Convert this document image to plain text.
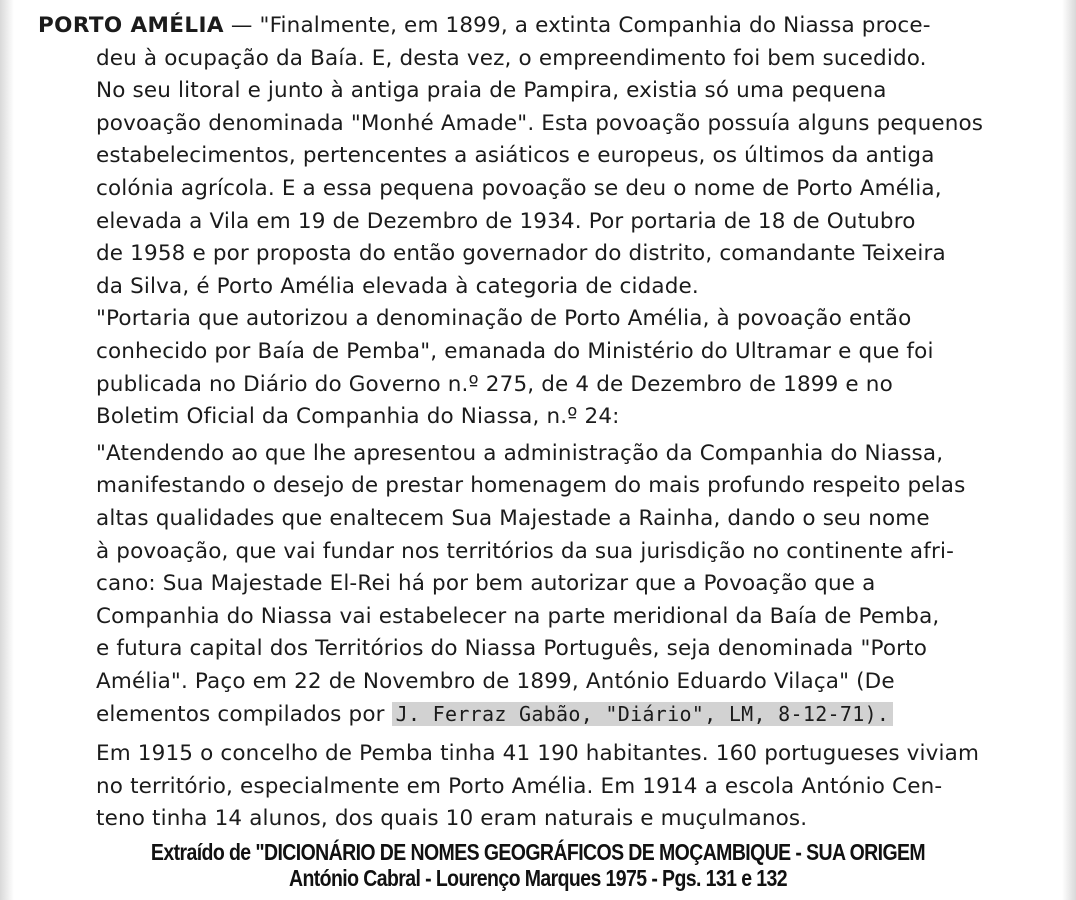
PORTO AMÉLIA — "Finalmente, em 1899, a extinta Companhia do Niassa proce-
deu à ocupação da Baía. E, desta vez, o empreendimento foi bem sucedido.
No seu litoral e junto à antiga praia de Pampira, existia só uma pequena
povoação denominada "Monhé Amade". Esta povoação possuía alguns pequenos
estabelecimentos, pertencentes a asiáticos e europeus, os últimos da antiga
colónia agrícola. E a essa pequena povoação se deu o nome de Porto Amélia,
elevada a Vila em 19 de Dezembro de 1934. Por portaria de 18 de Outubro
de 1958 e por proposta do então governador do distrito, comandante Teixeira
da Silva, é Porto Amélia elevada à categoria de cidade.

"Portaria que autorizou a denominação de Porto Amélia, à povoação então
conhecido por Baía de Pemba", emanada do Ministério do Ultramar e que foi
publicada no Diário do Governo n.º 275, de 4 de Dezembro de 1899 e no
Boletim Oficial da Companhia do Niassa, n.º 24:

"Atendendo ao que lhe apresentou a administração da Companhia do Niassa,
manifestando o desejo de prestar homenagem do mais profundo respeito pelas
altas qualidades que enaltecem Sua Majestade a Rainha, dando o seu nome
à povoação, que vai fundar nos territórios da sua jurisdição no continente afri-
cano: Sua Majestade El-Rei há por bem autorizar que a Povoação que a
Companhia do Niassa vai estabelecer na parte meridional da Baía de Pemba,
e futura capital dos Territórios do Niassa Português, seja denominada "Porto
Amélia". Paço em 22 de Novembro de 1899, António Eduardo Vilaça" (De
elementos compilados por J. Ferraz Gabão, "Diário", LM, 8-12-71).

Em 1915 o concelho de Pemba tinha 41 190 habitantes. 160 portugueses viviam
no território, especialmente em Porto Amélia. Em 1914 a escola António Cen-
teno tinha 14 alunos, dos quais 10 eram naturais e muçulmanos.

Extraído de "DICIONÁRIO DE NOMES GEOGRÁFICOS DE MOÇAMBIQUE - SUA ORIGEM
António Cabral - Lourenço Marques 1975 - Pgs. 131 e 132
